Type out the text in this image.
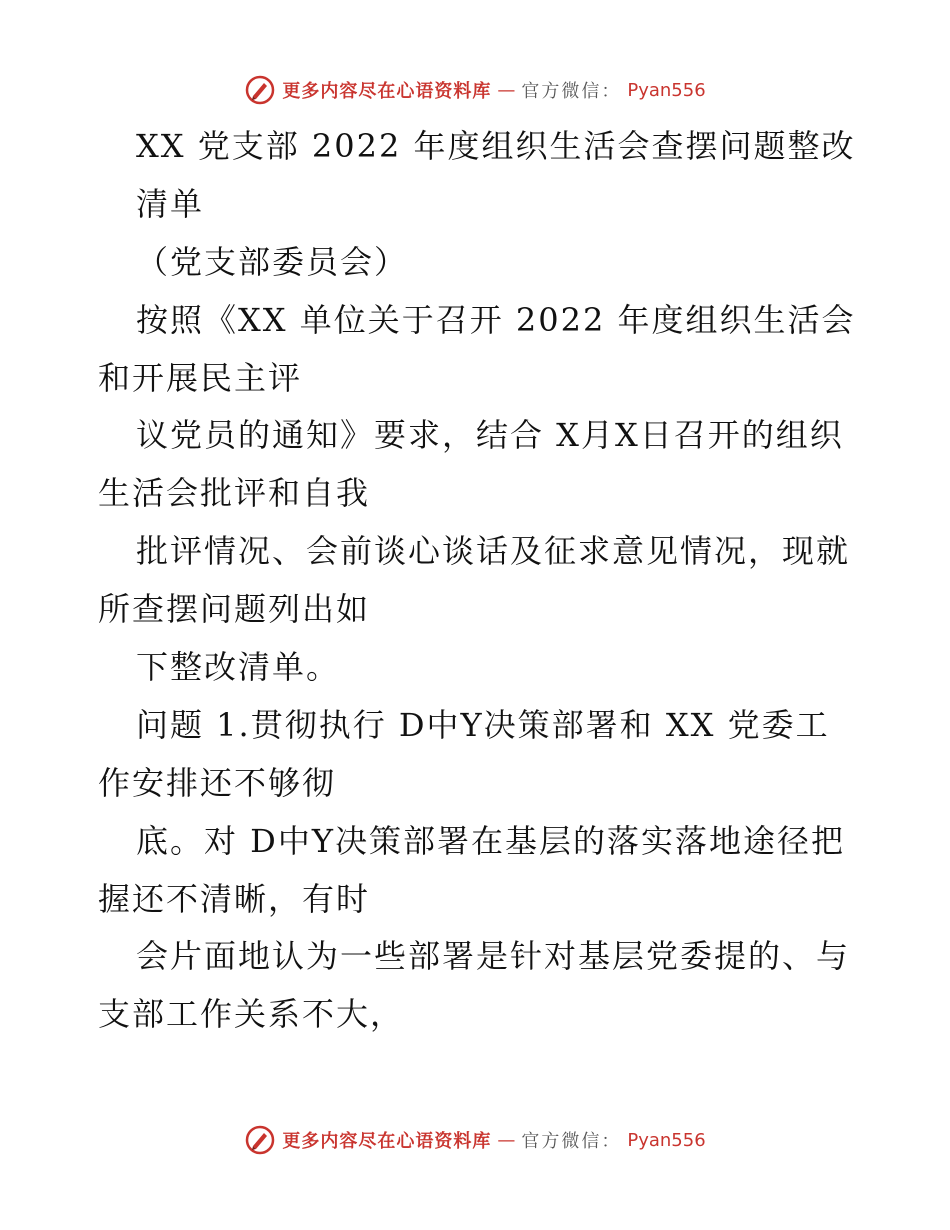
更多内容尽在心语资料库 — 官方微信： Pyan556
XX 党支部 2022 年度组织生活会查摆问题整改
清单
（党支部委员会）
按照《XX 单位关于召开 2022 年度组织生活会
和开展民主评
议党员的通知》要求，结合 X月X日召开的组织
生活会批评和自我
批评情况、会前谈心谈话及征求意见情况，现就
所查摆问题列出如
下整改清单。
问题 1.贯彻执行 D中Y决策部署和 XX 党委工
作安排还不够彻
底。对 D中Y决策部署在基层的落实落地途径把
握还不清晰，有时
会片面地认为一些部署是针对基层党委提的、与
支部工作关系不大，
更多内容尽在心语资料库 — 官方微信： Pyan556
